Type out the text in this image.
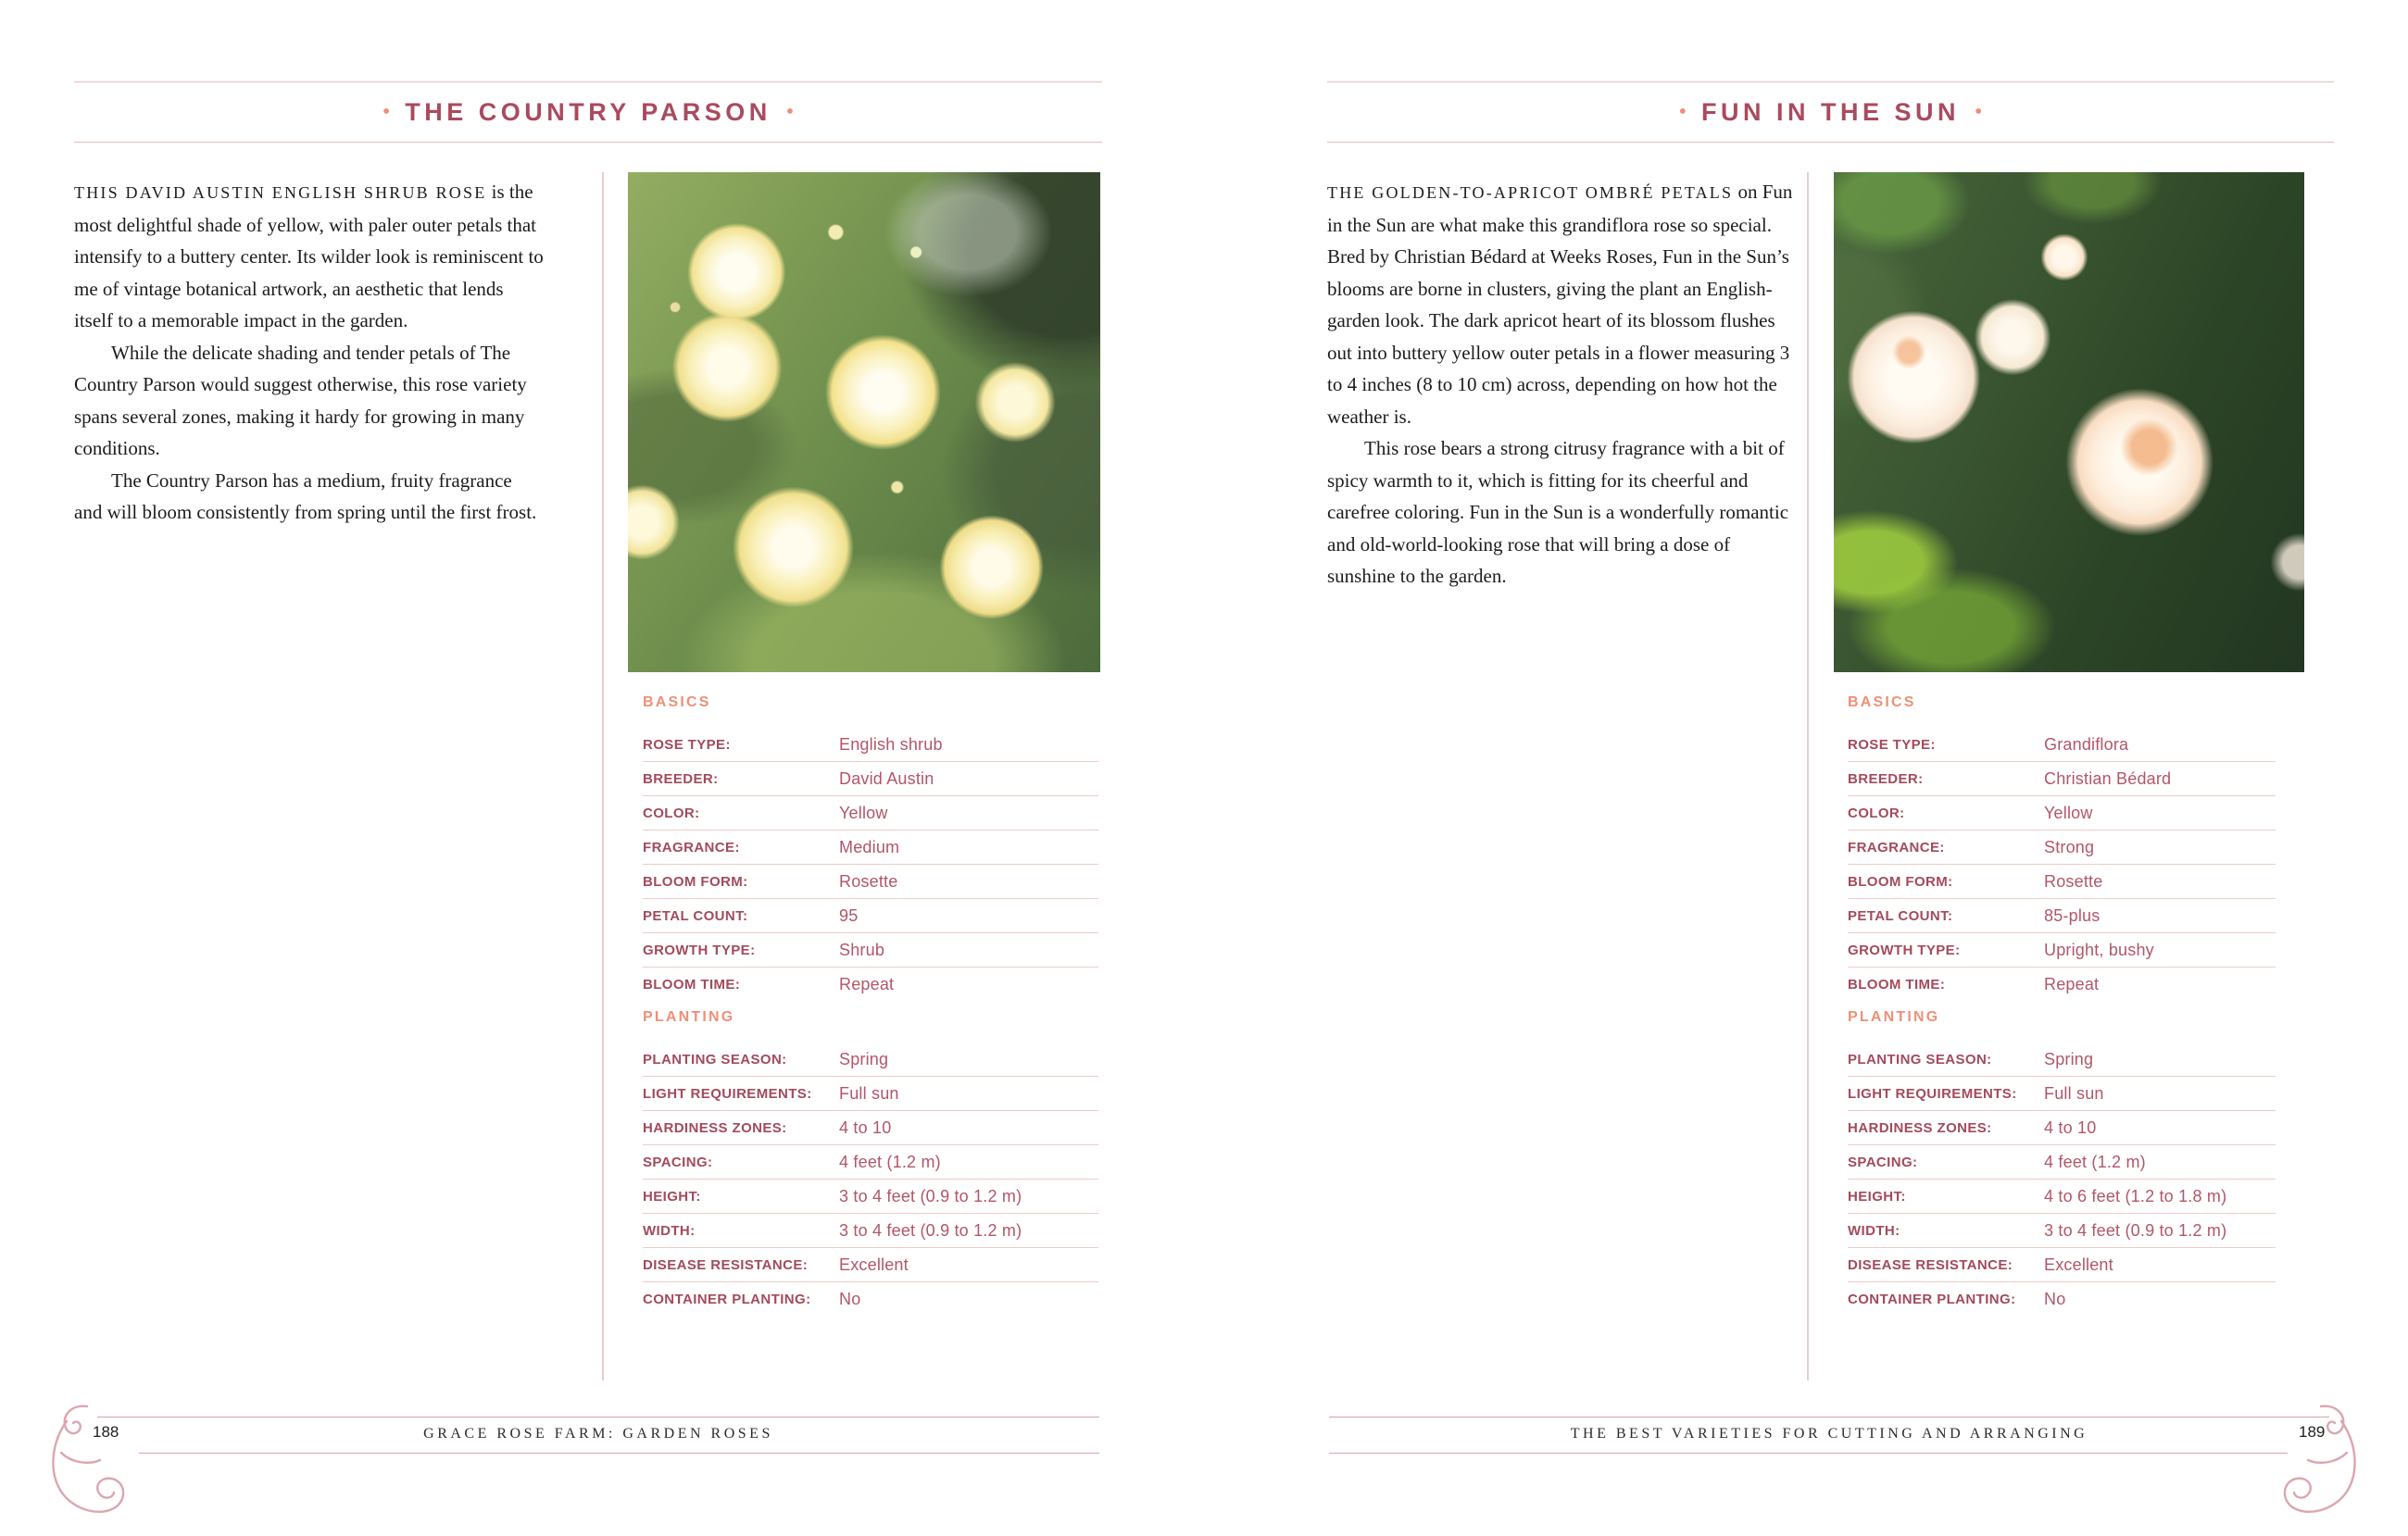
• THE COUNTRY PARSON •

THIS DAVID AUSTIN ENGLISH SHRUB ROSE is the most delightful shade of yellow, with paler outer petals that intensify to a buttery center. Its wilder look is reminiscent to me of vintage botanical artwork, an aesthetic that lends itself to a memorable impact in the garden.

While the delicate shading and tender petals of The Country Parson would suggest otherwise, this rose variety spans several zones, making it hardy for growing in many conditions.

The Country Parson has a medium, fruity fragrance and will bloom consistently from spring until the first frost.

BASICS
ROSE TYPE:	English shrub
BREEDER:	David Austin
COLOR:	Yellow
FRAGRANCE:	Medium
BLOOM FORM:	Rosette
PETAL COUNT:	95
GROWTH TYPE:	Shrub
BLOOM TIME:	Repeat
PLANTING
PLANTING SEASON:	Spring
LIGHT REQUIREMENTS:	Full sun
HARDINESS ZONES:	4 to 10
SPACING:	4 feet (1.2 m)
HEIGHT:	3 to 4 feet (0.9 to 1.2 m)
WIDTH:	3 to 4 feet (0.9 to 1.2 m)
DISEASE RESISTANCE:	Excellent
CONTAINER PLANTING:	No
GRACE ROSE FARM: GARDEN ROSES
188
• FUN IN THE SUN •

THE GOLDEN-TO-APRICOT OMBRÉ PETALS on Fun in the Sun are what make this grandiflora rose so special. Bred by Christian Bédard at Weeks Roses, Fun in the Sun’s blooms are borne in clusters, giving the plant an English-garden look. The dark apricot heart of its blossom flushes out into buttery yellow outer petals in a flower measuring 3 to 4 inches (8 to 10 cm) across, depending on how hot the weather is.

This rose bears a strong citrusy fragrance with a bit of spicy warmth to it, which is fitting for its cheerful and carefree coloring. Fun in the Sun is a wonderfully romantic and old-world-looking rose that will bring a dose of sunshine to the garden.

BASICS
ROSE TYPE:	Grandiflora
BREEDER:	Christian Bédard
COLOR:	Yellow
FRAGRANCE:	Strong
BLOOM FORM:	Rosette
PETAL COUNT:	85-plus
GROWTH TYPE:	Upright, bushy
BLOOM TIME:	Repeat
PLANTING
PLANTING SEASON:	Spring
LIGHT REQUIREMENTS:	Full sun
HARDINESS ZONES:	4 to 10
SPACING:	4 feet (1.2 m)
HEIGHT:	4 to 6 feet (1.2 to 1.8 m)
WIDTH:	3 to 4 feet (0.9 to 1.2 m)
DISEASE RESISTANCE:	Excellent
CONTAINER PLANTING:	No
THE BEST VARIETIES FOR CUTTING AND ARRANGING	189
